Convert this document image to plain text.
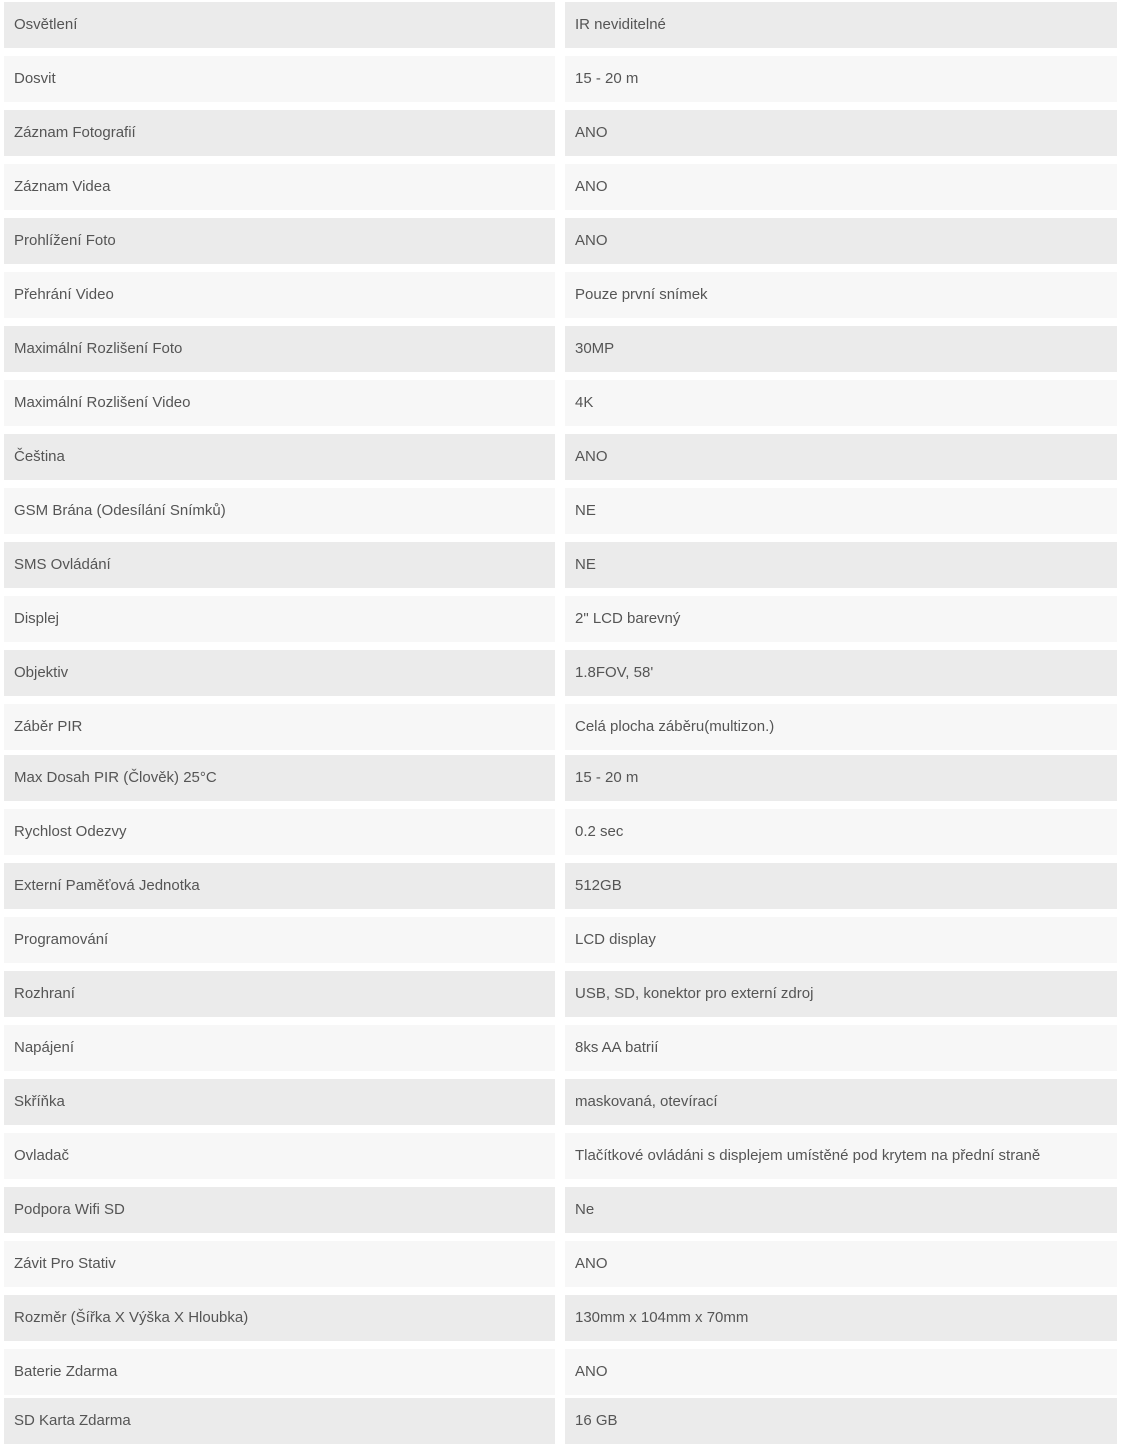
Osvětlení	IR neviditelné
Dosvit	15 - 20 m
Záznam Fotografií	ANO
Záznam Videa	ANO
Prohlížení Foto	ANO
Přehrání Video	Pouze první snímek
Maximální Rozlišení Foto	30MP
Maximální Rozlišení Video	4K
Čeština	ANO
GSM Brána (Odesílání Snímků)	NE
SMS Ovládání	NE
Displej	2" LCD barevný
Objektiv	1.8FOV, 58'
Záběr PIR	Celá plocha záběru(multizon.)
Max Dosah PIR (Člověk) 25°C	15 - 20 m
Rychlost Odezvy	0.2 sec
Externí Paměťová Jednotka	512GB
Programování	LCD display
Rozhraní	USB, SD, konektor pro externí zdroj
Napájení	8ks AA batrií
Skříňka	maskovaná, otevírací
Ovladač	Tlačítkové ovládáni s displejem umístěné pod krytem na přední straně
Podpora Wifi SD	Ne
Závit Pro Stativ	ANO
Rozměr (Šířka X Výška X Hloubka)	130mm x 104mm x 70mm
Baterie Zdarma	ANO
SD Karta Zdarma	16 GB
